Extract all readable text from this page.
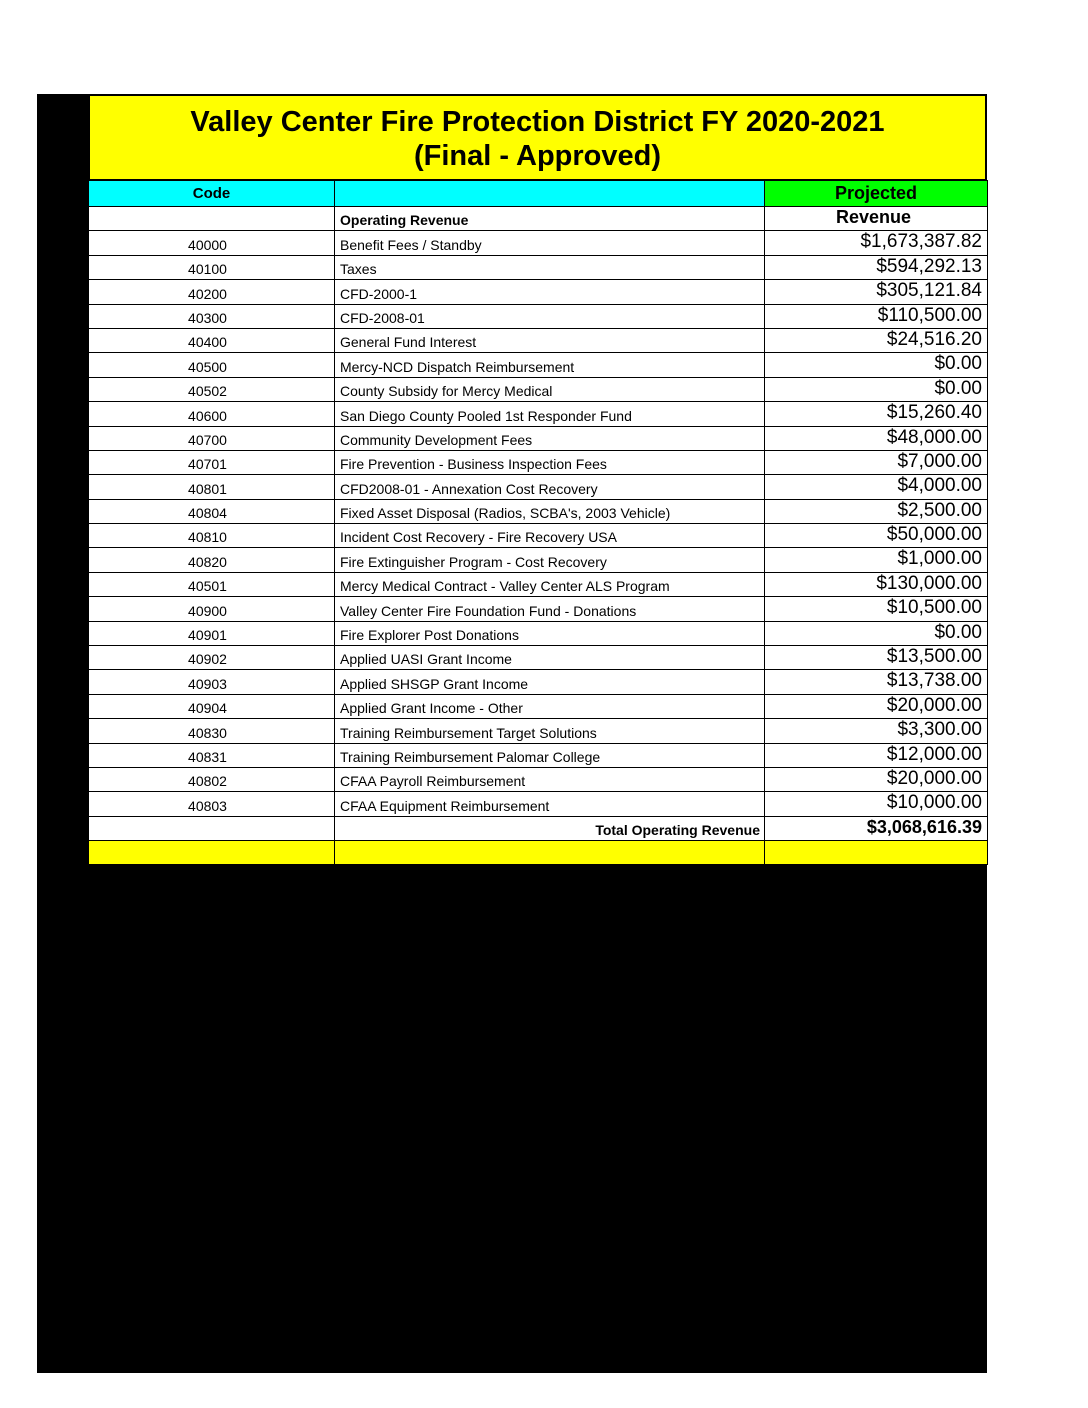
Valley Center Fire Protection District FY 2020-2021
(Final - Approved)
Code		Projected
	Operating Revenue	Revenue
40000	Benefit Fees / Standby	$1,673,387.82
40100	Taxes	$594,292.13
40200	CFD-2000-1	$305,121.84
40300	CFD-2008-01	$110,500.00
40400	General Fund Interest	$24,516.20
40500	Mercy-NCD Dispatch Reimbursement	$0.00
40502	County Subsidy for Mercy Medical	$0.00
40600	San Diego County Pooled 1st Responder Fund	$15,260.40
40700	Community Development Fees	$48,000.00
40701	Fire Prevention - Business Inspection Fees	$7,000.00
40801	CFD2008-01 - Annexation Cost Recovery	$4,000.00
40804	Fixed Asset Disposal (Radios, SCBA's, 2003 Vehicle)	$2,500.00
40810	Incident Cost Recovery - Fire Recovery USA	$50,000.00
40820	Fire Extinguisher Program - Cost Recovery	$1,000.00
40501	Mercy Medical Contract - Valley Center ALS Program	$130,000.00
40900	Valley Center Fire Foundation Fund - Donations	$10,500.00
40901	Fire Explorer Post Donations	$0.00
40902	Applied UASI Grant Income	$13,500.00
40903	Applied SHSGP Grant Income	$13,738.00
40904	Applied Grant Income - Other	$20,000.00
40830	Training Reimbursement Target Solutions	$3,300.00
40831	Training Reimbursement Palomar College	$12,000.00
40802	CFAA Payroll Reimbursement	$20,000.00
40803	CFAA Equipment Reimbursement	$10,000.00
	Total Operating Revenue	$3,068,616.39
